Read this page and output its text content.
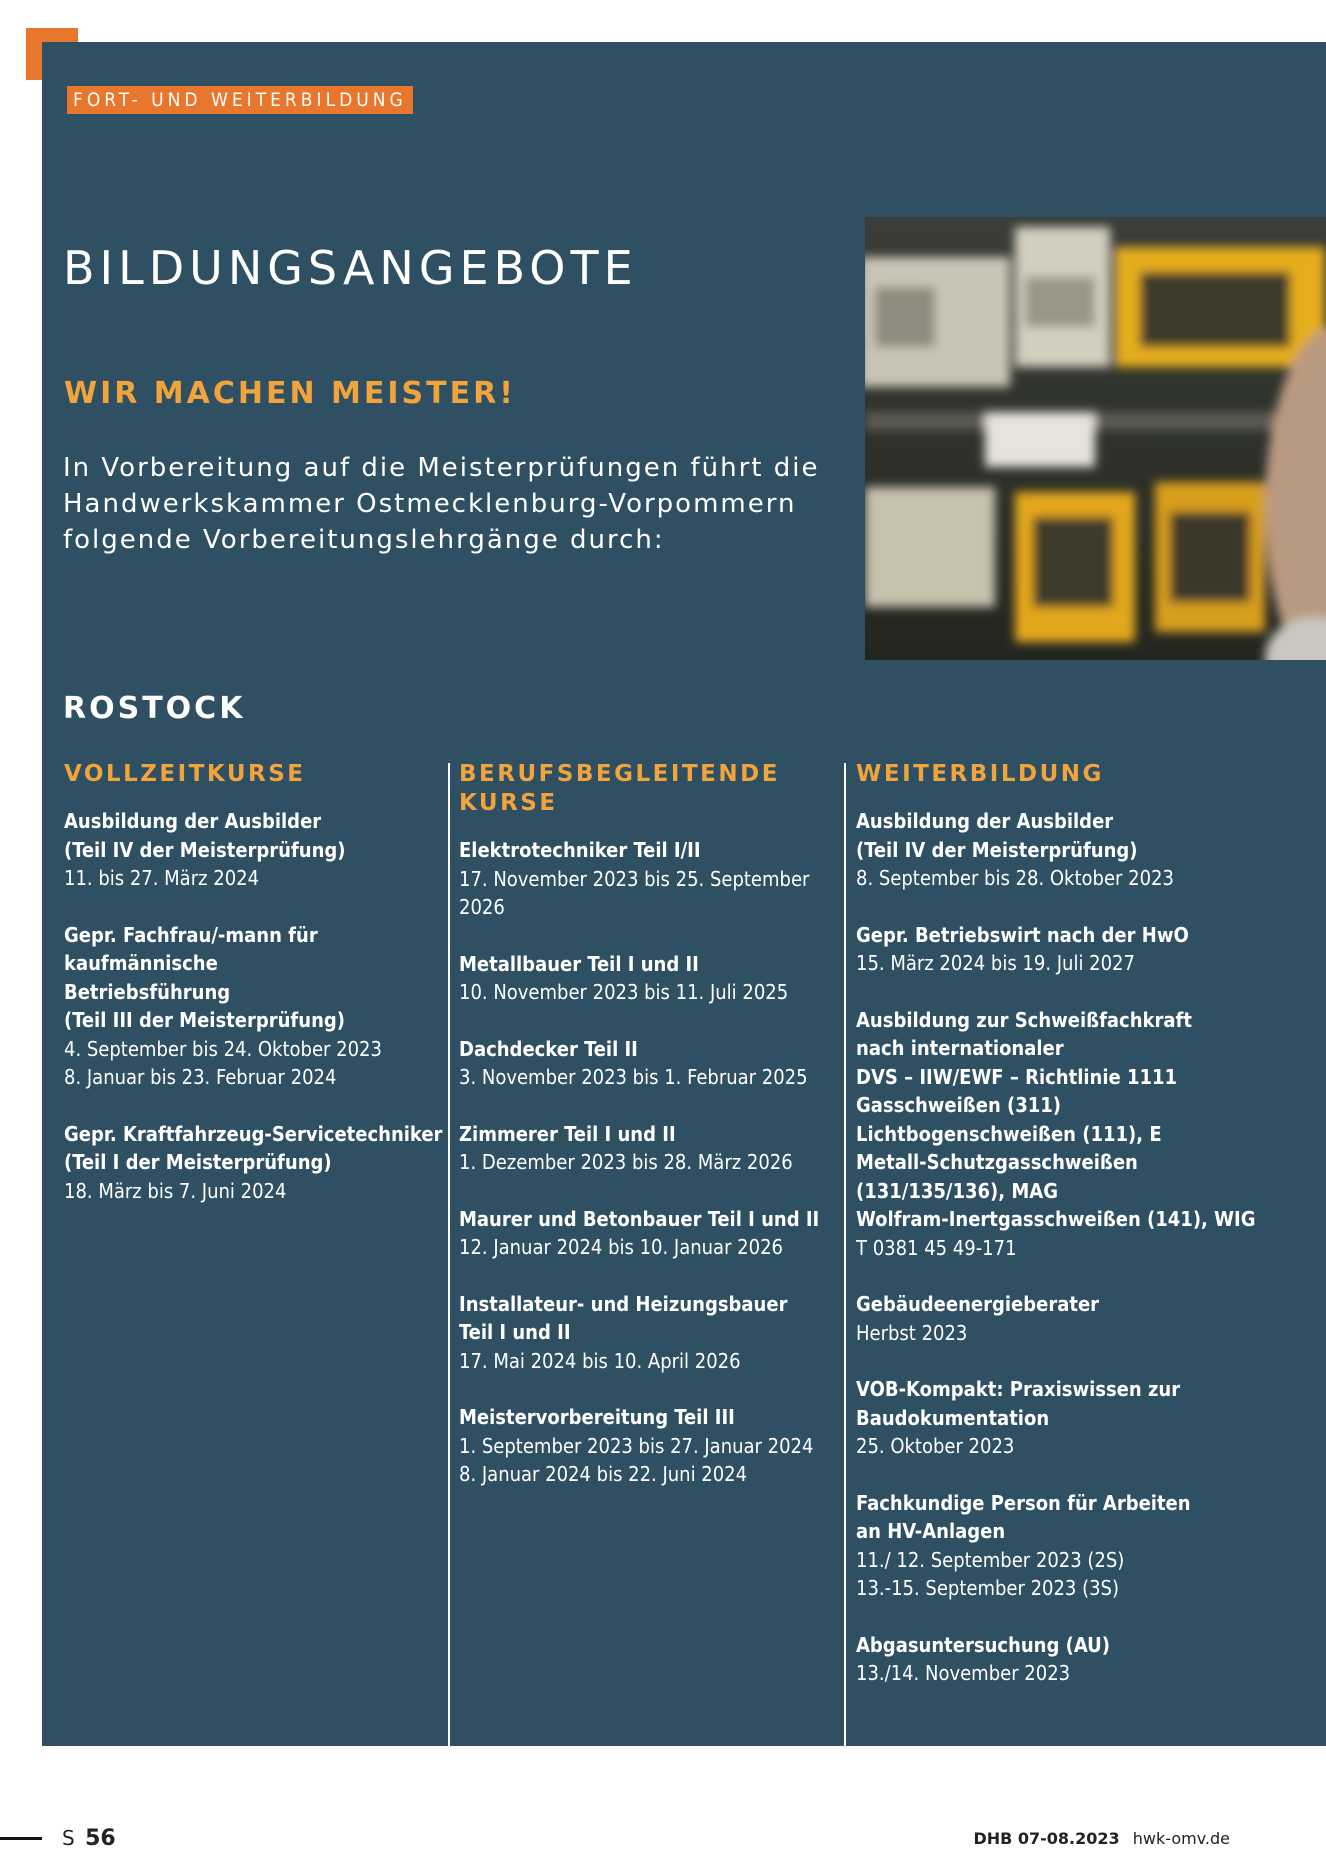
FORT- UND WEITERBILDUNG
BILDUNGSANGEBOTE
WIR MACHEN MEISTER!

In Vorbereitung auf die Meisterprüfungen führt die Handwerkskammer Ostmecklenburg-Vorpommern folgende Vorbereitungslehrgänge durch:

ROSTOCK
VOLLZEITKURSE
Ausbildung der Ausbilder
(Teil IV der Meisterprüfung)
11. bis 27. März 2024
Gepr. Fachfrau/-mann für kaufmännische
Betriebsführung
(Teil III der Meisterprüfung)
4. September bis 24. Oktober 2023
8. Januar bis 23. Februar 2024
Gepr. Kraftfahrzeug-Servicetechniker
(Teil I der Meisterprüfung)
18. März bis 7. Juni 2024
BERUFSBEGLEITENDE KURSE
Elektrotechniker Teil I/II
17. November 2023 bis 25. September 2026
Metallbauer Teil I und II
10. November 2023 bis 11. Juli 2025
Dachdecker Teil II
3. November 2023 bis 1. Februar 2025
Zimmerer Teil I und II
1. Dezember 2023 bis 28. März 2026
Maurer und Betonbauer Teil I und II
12. Januar 2024 bis 10. Januar 2026
Installateur- und Heizungsbauer
Teil I und II
17. Mai 2024 bis 10. April 2026
Meistervorbereitung Teil III
1. September 2023 bis 27. Januar 2024
8. Januar 2024 bis 22. Juni 2024
WEITERBILDUNG
Ausbildung der Ausbilder
(Teil IV der Meisterprüfung)
8. September bis 28. Oktober 2023
Gepr. Betriebswirt nach der HwO
15. März 2024 bis 19. Juli 2027
Ausbildung zur Schweißfachkraft
nach internationaler
DVS – IIW/EWF – Richtlinie 1111
Gasschweißen (311)
Lichtbogenschweißen (111), E
Metall-Schutzgasschweißen
(131/135/136), MAG
Wolfram-Inertgasschweißen (141), WIG
T 0381 45 49-171
Gebäudeenergieberater
Herbst 2023
VOB-Kompakt: Praxiswissen zur
Baudokumentation
25. Oktober 2023
Fachkundige Person für Arbeiten
an HV-Anlagen
11./ 12. September 2023 (2S)
13.-15. September 2023 (3S)
Abgasuntersuchung (AU)
13./14. November 2023
S 56	DHB 07-08.2023 hwk-omv.de
